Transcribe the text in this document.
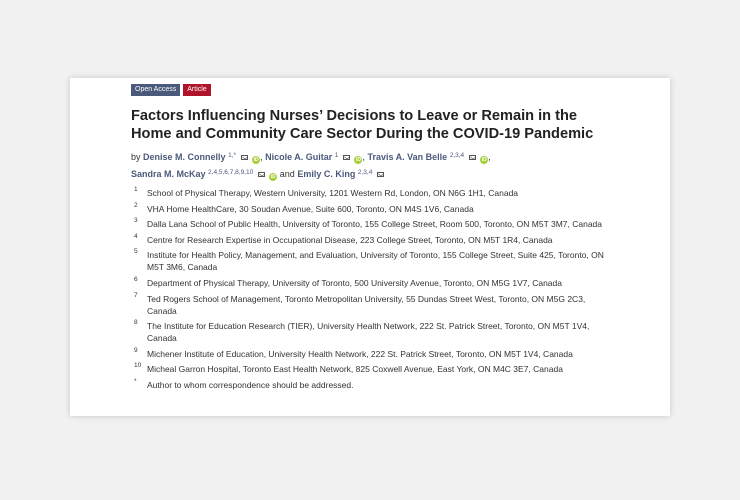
Open Access	Article
Factors Influencing Nurses’ Decisions to Leave or Remain in the Home and Community Care Sector During the COVID-19 Pandemic
by Denise M. Connelly $^{1,*}$  iD , Nicole A. Guitar $^1$  iD , Travis A. Van Belle $^{2,3,4}$  iD ,
Sandra M. McKay $^{2,4,5,6,7,8,9,10}$  iD and Emily C. King $^{2,3,4}$
1	School of Physical Therapy, Western University, 1201 Western Rd, London, ON N6G 1H1, Canada
2	VHA Home HealthCare, 30 Soudan Avenue, Suite 600, Toronto, ON M4S 1V6, Canada
3	Dalla Lana School of Public Health, University of Toronto, 155 College Street, Room 500, Toronto, ON M5T 3M7, Canada
4	Centre for Research Expertise in Occupational Disease, 223 College Street, Toronto, ON M5T 1R4, Canada
5	Institute for Health Policy, Management, and Evaluation, University of Toronto, 155 College Street, Suite 425, Toronto, ON M5T 3M6, Canada
6	Department of Physical Therapy, University of Toronto, 500 University Avenue, Toronto, ON M5G 1V7, Canada
7	Ted Rogers School of Management, Toronto Metropolitan University, 55 Dundas Street West, Toronto, ON M5G 2C3, Canada
8	The Institute for Education Research (TIER), University Health Network, 222 St. Patrick Street, Toronto, ON M5T 1V4, Canada
9	Michener Institute of Education, University Health Network, 222 St. Patrick Street, Toronto, ON M5T 1V4, Canada
10 Micheal Garron Hospital, Toronto East Health Network, 825 Coxwell Avenue, East York, ON M4C 3E7, Canada
*	Author to whom correspondence should be addressed.
